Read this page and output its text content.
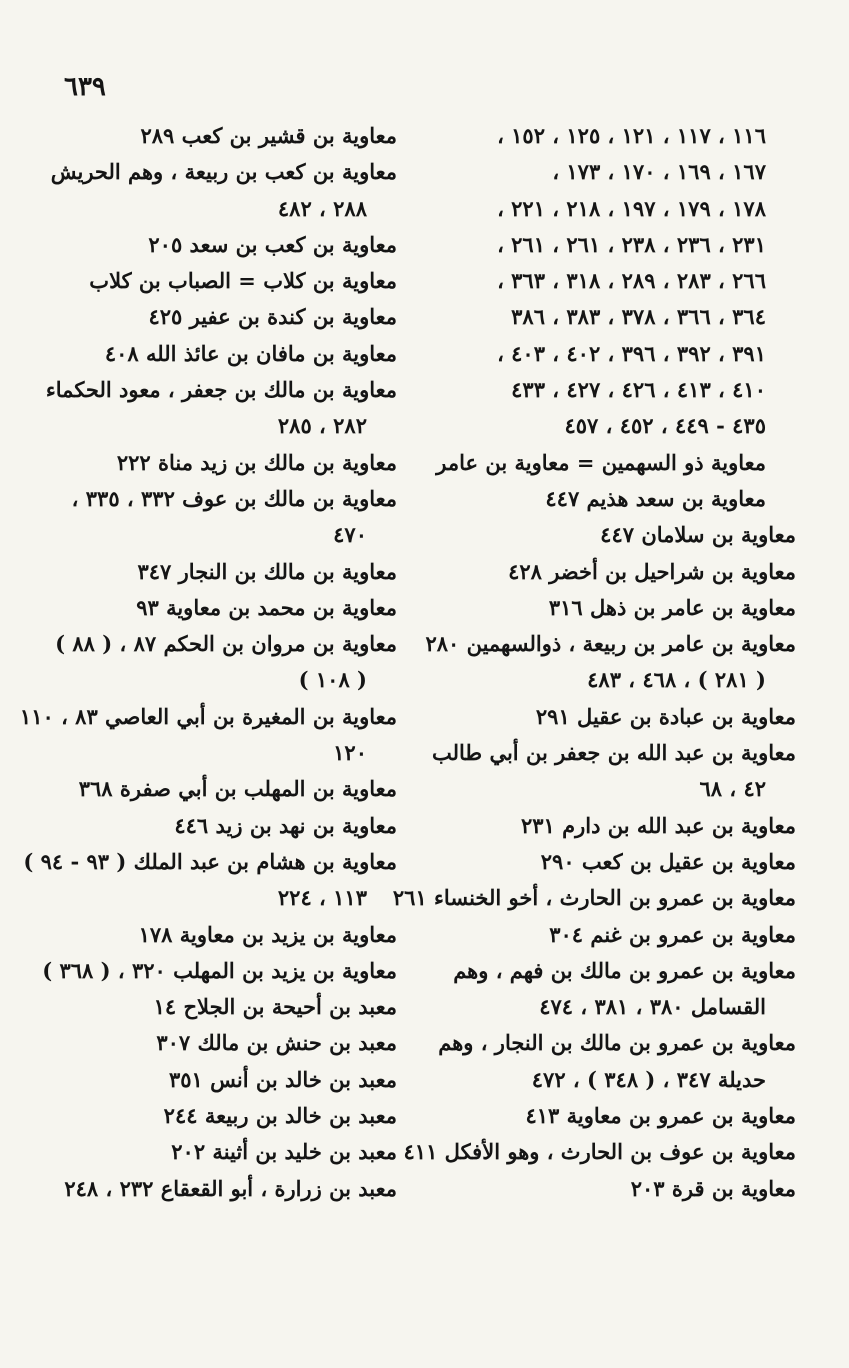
٦٣٩
١١٦ ، ١١٧ ، ١٢١ ، ١٢٥ ، ١٥٢ ،
١٦٧ ، ١٦٩ ، ١٧٠ ، ١٧٣ ،
١٧٨ ، ١٧٩ ، ١٩٧ ، ٢١٨ ، ٢٢١ ،
٢٣١ ، ٢٣٦ ، ٢٣٨ ، ٢٦١ ، ٢٦١ ،
٢٦٦ ، ٢٨٣ ، ٢٨٩ ، ٣١٨ ، ٣٦٣ ،
٣٦٤ ، ٣٦٦ ، ٣٧٨ ، ٣٨٣ ، ٣٨٦
٣٩١ ، ٣٩٢ ، ٣٩٦ ، ٤٠٢ ، ٤٠٣ ،
٤١٠ ، ٤١٣ ، ٤٢٦ ، ٤٢٧ ، ٤٣٣
٤٣٥ - ٤٤٩ ، ٤٥٢ ، ٤٥٧
معاوية ذو السهمين = معاوية بن عامر
معاوية بن سعد هذيم ٤٤٧
معاوية بن سلامان ٤٤٧
معاوية بن شراحيل بن أخضر ٤٢٨
معاوية بن عامر بن ذهل ٣١٦
معاوية بن عامر بن ربيعة ، ذوالسهمين ٢٨٠
( ٢٨١ ) ، ٤٦٨ ، ٤٨٣
معاوية بن عبادة بن عقيل ٢٩١
معاوية بن عبد الله بن جعفر بن أبي طالب
٤٢ ، ٦٨
معاوية بن عبد الله بن دارم ٢٣١
معاوية بن عقيل بن كعب ٢٩٠
معاوية بن عمرو بن الحارث ، أخو الخنساء ٢٦١
معاوية بن عمرو بن غنم ٣٠٤
معاوية بن عمرو بن مالك بن فهم ، وهم
القسامل ٣٨٠ ، ٣٨١ ، ٤٧٤
معاوية بن عمرو بن مالك بن النجار ، وهم
حديلة ٣٤٧ ، ( ٣٤٨ ) ، ٤٧٢
معاوية بن عمرو بن معاوية ٤١٣
معاوية بن عوف بن الحارث ، وهو الأفكل ٤١١
معاوية بن قرة ٢٠٣
معاوية بن قشير بن كعب ٢٨٩
معاوية بن كعب بن ربيعة ، وهم الحريش
٢٨٨ ، ٤٨٢
معاوية بن كعب بن سعد ٢٠٥
معاوية بن كلاب = الصباب بن كلاب
معاوية بن كندة بن عفير ٤٢٥
معاوية بن مافان بن عائذ الله ٤٠٨
معاوية بن مالك بن جعفر ، معود الحكماء
٢٨٢ ، ٢٨٥
معاوية بن مالك بن زيد مناة ٢٢٢
معاوية بن مالك بن عوف ٣٣٢ ، ٣٣٥ ،
٤٧٠
معاوية بن مالك بن النجار ٣٤٧
معاوية بن محمد بن معاوية ٩٣
معاوية بن مروان بن الحكم ٨٧ ، ( ٨٨ )
( ١٠٨ )
معاوية بن المغيرة بن أبي العاصي ٨٣ ، ١١٠
١٢٠
معاوية بن المهلب بن أبي صفرة ٣٦٨
معاوية بن نهد بن زيد ٤٤٦
معاوية بن هشام بن عبد الملك ( ٩٣ - ٩٤ )
١١٣ ، ٢٢٤
معاوية بن يزيد بن معاوية ١٧٨
معاوية بن يزيد بن المهلب ٣٢٠ ، ( ٣٦٨ )
معبد بن أحيحة بن الجلاح ١٤
معبد بن حنش بن مالك ٣٠٧
معبد بن خالد بن أنس ٣٥١
معبد بن خالد بن ربيعة ٢٤٤
معبد بن خليد بن أثينة ٢٠٢
معبد بن زرارة ، أبو القعقاع ٢٣٢ ، ٢٤٨
